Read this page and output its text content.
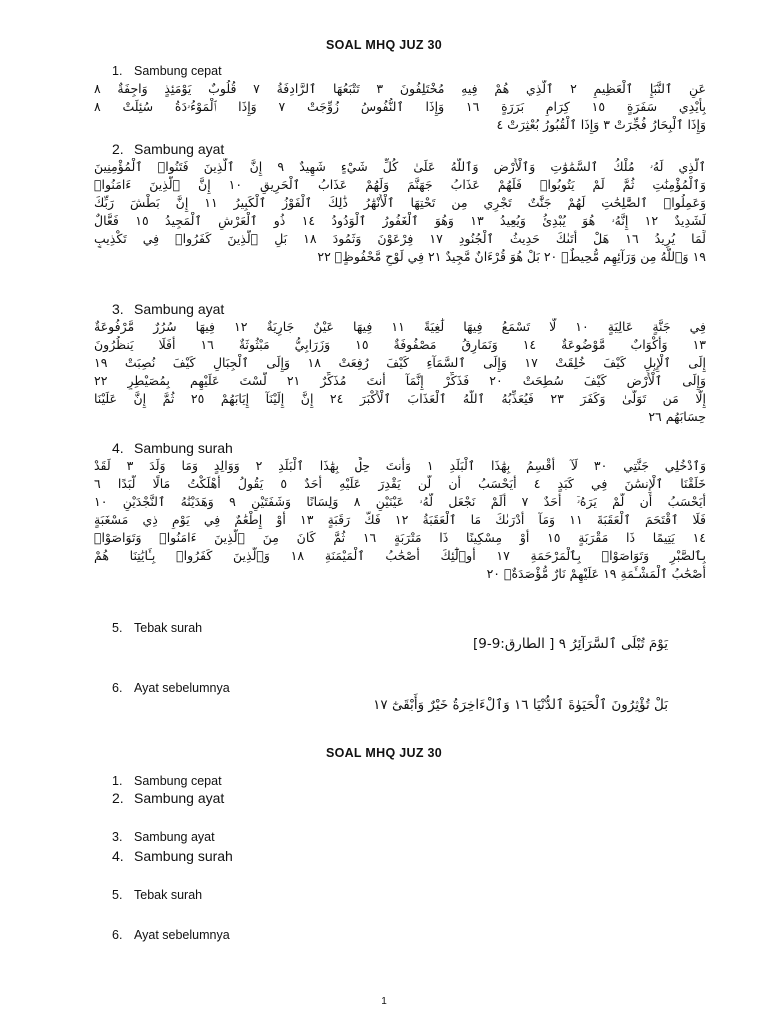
SOAL MHQ JUZ 30
1. Sambung cepat
عَنِ ٱلنَّبَإِ ٱلْعَظِيمِ ٢ ٱلَّذِي هُمْ فِيهِ مُخْتَلِفُونَ ٣ تَتْبَعُهَا ٱلرَّادِفَةُ ٧ قُلُوبٌ يَوْمَئِذٍ وَاجِفَةٌ ٨
بِأَيْدِي سَفَرَةٍ ١٥ كِرَامٍ بَرَرَةٍ ١٦ وَإِذَا ٱلنُّفُوسُ زُوِّجَتْ ٧ وَإِذَا ٱلْمَوْءُۥدَةُ سُئِلَتْ ٨
وَإِذَا ٱلْبِحَارُ فُجِّرَتْ ٣ وَإِذَا ٱلْقُبُورُ بُعْثِرَتْ ٤
2. Sambung ayat
ٱلَّذِي لَهُۥ مُلْكُ ٱلسَّمَٰوَٰتِ وَٱلْأَرْضِ وَٱللَّهُ عَلَىٰ كُلِّ شَيْءٍ شَهِيدٌ ٩ إِنَّ ٱلَّذِينَ فَتَنُوا۟ ٱلْمُؤْمِنِينَ
وَٱلْمُؤْمِنَٰتِ ثُمَّ لَمْ يَتُوبُوا۟ فَلَهُمْ عَذَابُ جَهَنَّمَ وَلَهُمْ عَذَابُ ٱلْحَرِيقِ ١٠ إِنَّ ٱلَّذِينَ ءَامَنُوا۟
وَعَمِلُوا۟ ٱلصَّٰلِحَٰتِ لَهُمْ جَنَّٰتٌ تَجْرِي مِن تَحْتِهَا ٱلْأَنْهَٰرُ ذَٰلِكَ ٱلْفَوْزُ ٱلْكَبِيرُ ١١ إِنَّ بَطْشَ رَبِّكَ
لَشَدِيدٌ ١٢ إِنَّهُۥ هُوَ يُبْدِئُ وَيُعِيدُ ١٣ وَهُوَ ٱلْغَفُورُ ٱلْوَدُودُ ١٤ ذُو ٱلْعَرْشِ ٱلْمَجِيدُ ١٥ فَعَّالٌ
لِّمَا يُرِيدُ ١٦ هَلْ أَتَىٰكَ حَدِيثُ ٱلْجُنُودِ ١٧ فِرْعَوْنَ وَثَمُودَ ١٨ بَلِ ٱلَّذِينَ كَفَرُوا۟ فِي تَكْذِيبٍ
١٩ وَٱللَّهُ مِن وَرَآئِهِم مُّحِيطٌۢ ٢٠ بَلْ هُوَ قُرْءَانٌ مَّجِيدٌ ٢١ فِي لَوْحٍ مَّحْفُوظٍۭ ٢٢
3. Sambung ayat
فِي جَنَّةٍ عَالِيَةٍ ١٠ لَّا تَسْمَعُ فِيهَا لَٰغِيَةً ١١ فِيهَا عَيْنٌ جَارِيَةٌ ١٢ فِيهَا سُرُرٌ مَّرْفُوعَةٌ
١٣ وَأَكْوَابٌ مَّوْضُوعَةٌ ١٤ وَنَمَارِقُ مَصْفُوفَةٌ ١٥ وَزَرَابِيُّ مَبْثُوثَةٌ ١٦ أَفَلَا يَنظُرُونَ
إِلَى ٱلْإِبِلِ كَيْفَ خُلِقَتْ ١٧ وَإِلَى ٱلسَّمَآءِ كَيْفَ رُفِعَتْ ١٨ وَإِلَى ٱلْجِبَالِ كَيْفَ نُصِبَتْ ١٩
وَإِلَى ٱلْأَرْضِ كَيْفَ سُطِحَتْ ٢٠ فَذَكِّرْ إِنَّمَآ أَنتَ مُذَكِّرٌ ٢١ لَّسْتَ عَلَيْهِم بِمُصَيْطِرٍ ٢٢
إِلَّا مَن تَوَلَّىٰ وَكَفَرَ ٢٣ فَيُعَذِّبُهُ ٱللَّهُ ٱلْعَذَابَ ٱلْأَكْبَرَ ٢٤ إِنَّ إِلَيْنَآ إِيَابَهُمْ ٢٥ ثُمَّ إِنَّ عَلَيْنَا
حِسَابَهُم ٢٦
4. Sambung surah
وَٱدْخُلِي جَنَّتِي ٣٠ لَآ أُقْسِمُ بِهَٰذَا ٱلْبَلَدِ ١ وَأَنتَ حِلٌّۢ بِهَٰذَا ٱلْبَلَدِ ٢ وَوَالِدٍ وَمَا وَلَدَ ٣ لَقَدْ
خَلَقْنَا ٱلْإِنسَٰنَ فِي كَبَدٍ ٤ أَيَحْسَبُ أَن لَّن يَقْدِرَ عَلَيْهِ أَحَدٌ ٥ يَقُولُ أَهْلَكْتُ مَالًا لُّبَدًا ٦
أَيَحْسَبُ أَن لَّمْ يَرَهُۥٓ أَحَدٌ ٧ أَلَمْ نَجْعَل لَّهُۥ عَيْنَيْنِ ٨ وَلِسَانًا وَشَفَتَيْنِ ٩ وَهَدَيْنَٰهُ ٱلنَّجْدَيْنِ ١٠
فَلَا ٱقْتَحَمَ ٱلْعَقَبَةَ ١١ وَمَآ أَدْرَىٰكَ مَا ٱلْعَقَبَةُ ١٢ فَكُّ رَقَبَةٍ ١٣ أَوْ إِطْعَٰمٌ فِي يَوْمٍ ذِي مَسْغَبَةٍ
١٤ يَتِيمًا ذَا مَقْرَبَةٍ ١٥ أَوْ مِسْكِينًا ذَا مَتْرَبَةٍ ١٦ ثُمَّ كَانَ مِنَ ٱلَّذِينَ ءَامَنُوا۟ وَتَوَاصَوْا۟
بِٱلصَّبْرِ وَتَوَاصَوْا۟ بِٱلْمَرْحَمَةِ ١٧ أُو۟لَٰٓئِكَ أَصْحَٰبُ ٱلْمَيْمَنَةِ ١٨ وَٱلَّذِينَ كَفَرُوا۟ بِـَٔايَٰتِنَا هُمْ
أَصْحَٰبُ ٱلْمَشْـَٔمَةِ ١٩ عَلَيْهِمْ نَارٌ مُّؤْصَدَةٌۢ ٢٠
5. Tebak surah
يَوْمَ تُبْلَى ٱلسَّرَآئِرُ ٩ [ الطارق:9-9]
6. Ayat sebelumnya
بَلْ تُؤْثِرُونَ ٱلْحَيَوٰةَ ٱلدُّنْيَا ١٦ وَٱلْءَاخِرَةُ خَيْرٌ وَأَبْقَىٰٓ ١٧
SOAL MHQ JUZ 30
1. Sambung cepat
2. Sambung ayat
3. Sambung ayat
4. Sambung surah
5. Tebak surah
6. Ayat sebelumnya
1
